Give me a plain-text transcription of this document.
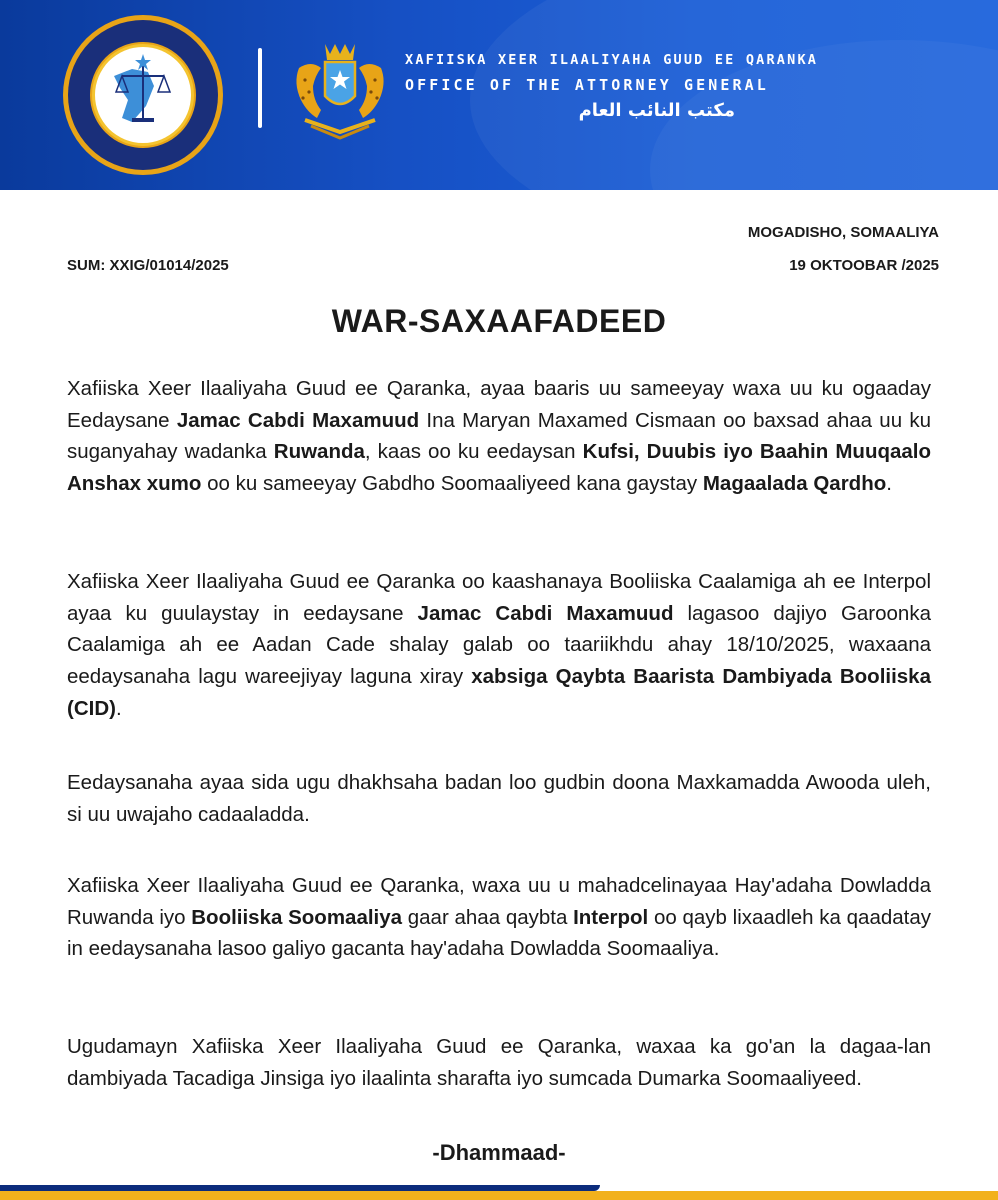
XAFIISKA XEER ILAALIYAHA GUUD EE QARANKA
OFFICE OF THE ATTORNEY GENERAL
مكتب النائب العام
MOGADISHO, SOMAALIYA
SUM: XXIG/01014/2025	19 OKTOOBAR /2025
WAR-SAXAAFADEED
Xafiiska Xeer Ilaaliyaha Guud ee Qaranka, ayaa baaris uu sameeyay waxa uu ku ogaaday Eedaysane Jamac Cabdi Maxamuud Ina Maryan Maxamed Cismaan oo baxsad ahaa uu ku suganyahay wadanka Ruwanda, kaas oo ku eedaysan Kufsi, Duubis iyo Baahin Muuqaalo Anshax xumo oo ku sameeyay Gabdho Soomaaliyeed kana gaystay Magaalada Qardho.
Xafiiska Xeer Ilaaliyaha Guud ee Qaranka oo kaashanaya Booliiska Caalamiga ah ee Interpol ayaa ku guulaystay in eedaysane Jamac Cabdi Maxamuud lagasoo dajiyo Garoonka Caalamiga ah ee Aadan Cade shalay galab oo taariikhdu ahay 18/10/2025, waxaana eedaysanaha lagu wareejiyay laguna xiray xabsiga Qaybta Baarista Dambiyada Booliiska (CID).
Eedaysanaha ayaa sida ugu dhakhsaha badan loo gudbin doona Maxkamadda Awooda uleh, si uu uwajaho cadaaladda.
Xafiiska Xeer Ilaaliyaha Guud ee Qaranka, waxa uu u mahadcelinayaa Hay'adaha Dowladda Ruwanda iyo Booliiska Soomaaliya gaar ahaa qaybta Interpol oo qayb lixaadleh ka qaadatay in eedaysanaha lasoo galiyo gacanta hay'adaha Dowladda Soomaaliya.
Ugudamayn Xafiiska Xeer Ilaaliyaha Guud ee Qaranka, waxaa ka go'an la dagaa-lan dambiyada Tacadiga Jinsiga iyo ilaalinta sharafta iyo sumcada Dumarka Soomaaliyeed.
-Dhammaad-
